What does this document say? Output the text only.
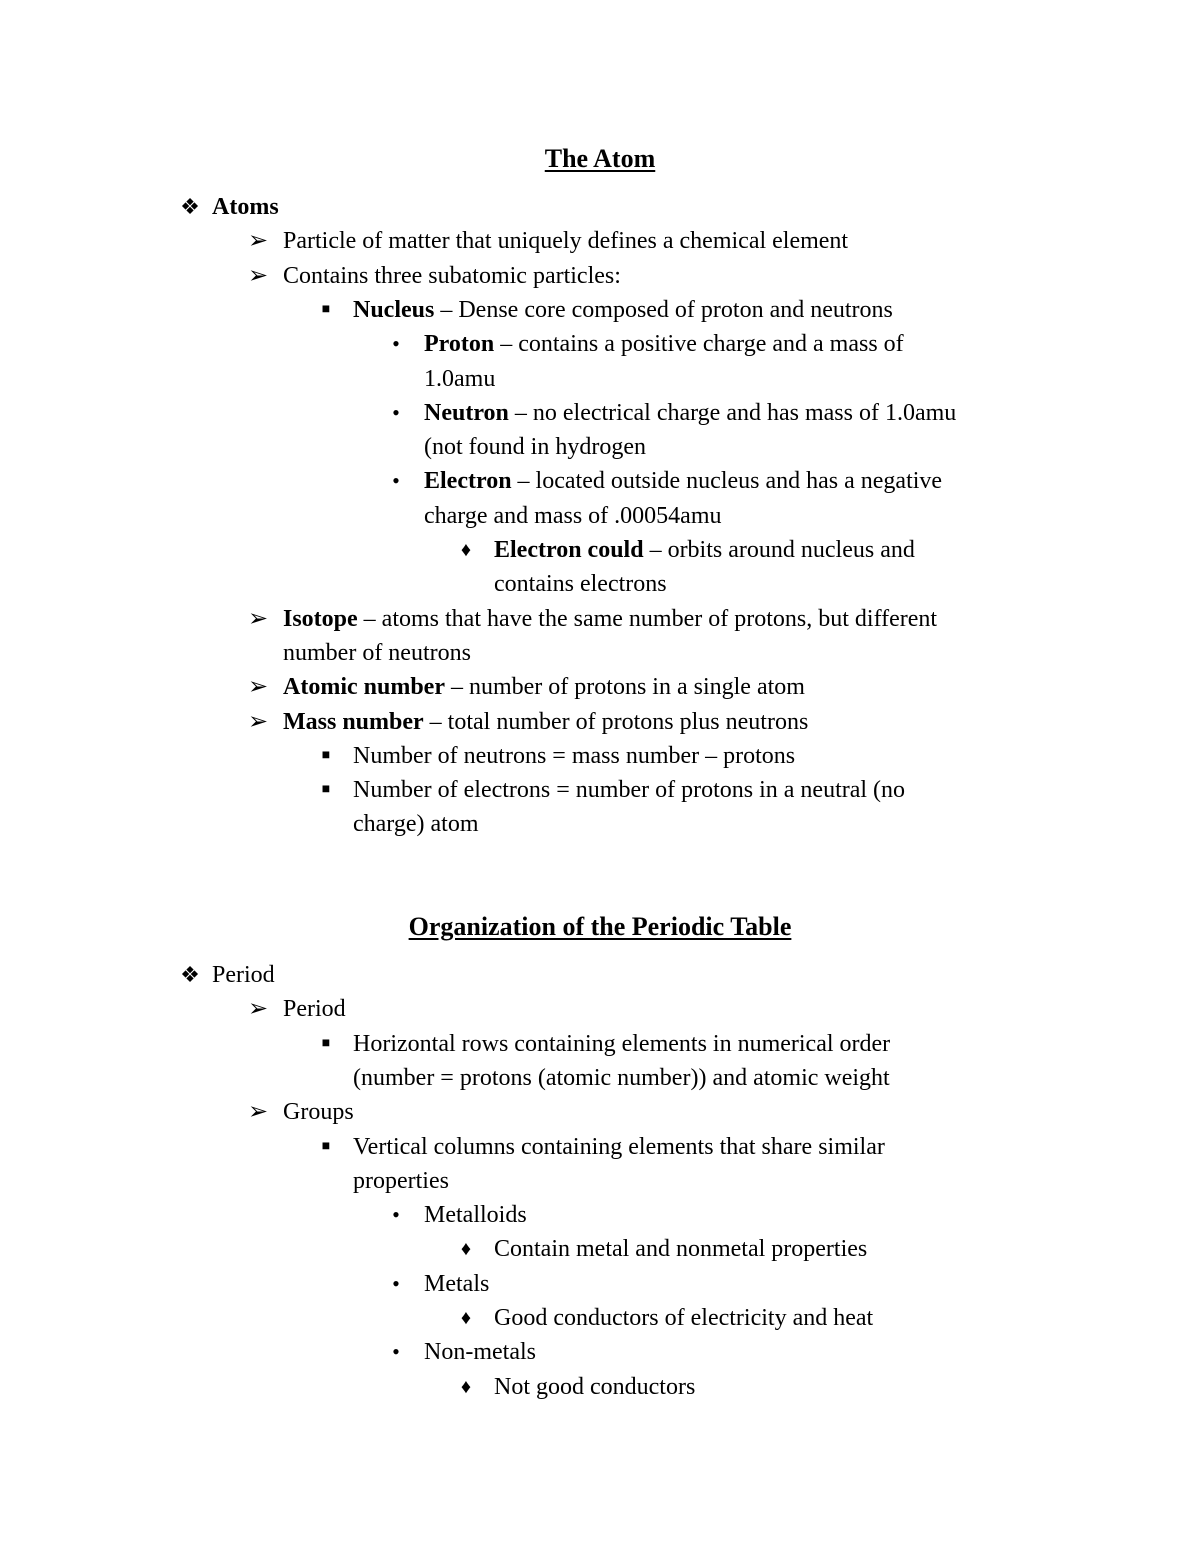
The Atom
❖ Atoms
➢ Particle of matter that uniquely defines a chemical element
➢ Contains three subatomic particles:
■ Nucleus – Dense core composed of proton and neutrons
• Proton – contains a positive charge and a mass of
1.0amu
• Neutron – no electrical charge and has mass of 1.0amu
(not found in hydrogen
• Electron – located outside nucleus and has a negative
charge and mass of .00054amu
♦ Electron could – orbits around nucleus and
contains electrons
➢ Isotope – atoms that have the same number of protons, but different
number of neutrons
➢ Atomic number – number of protons in a single atom
➢ Mass number – total number of protons plus neutrons
■ Number of neutrons = mass number – protons
■ Number of electrons = number of protons in a neutral (no
charge) atom
Organization of the Periodic Table
❖ Period
➢ Period
■ Horizontal rows containing elements in numerical order
(number = protons (atomic number)) and atomic weight
➢ Groups
■ Vertical columns containing elements that share similar
properties
• Metalloids
♦ Contain metal and nonmetal properties
• Metals
♦ Good conductors of electricity and heat
• Non-metals
♦ Not good conductors
